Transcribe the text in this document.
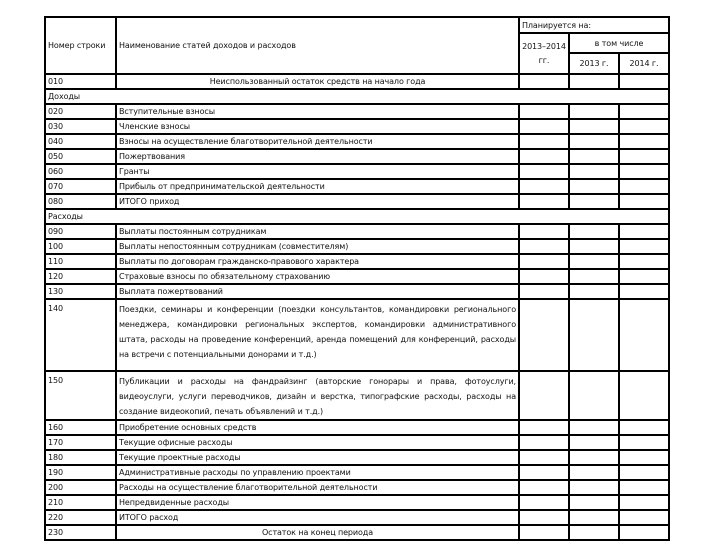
Номер строки	Наименование статей доходов и расходов	Планируется на:		
		2013–2014 гг.	в том числе	
			2013 г.	2014 г.
010	Неиспользованный остаток средств на начало года			
Доходы				
020	Вступительные взносы			
030	Членские взносы			
040	Взносы на осуществление благотворительной деятельности			
050	Пожертвования			
060	Гранты			
070	Прибыль от предпринимательской деятельности			
080	ИТОГО приход			
Расходы				
090	Выплаты постоянным сотрудникам			
100	Выплаты непостоянным сотрудникам (совместителям)			
110	Выплаты по договорам гражданско-правового характера			
120	Страховые взносы по обязательному страхованию			
130	Выплата пожертвований			
140	Поездки, семинары и конференции (поездки консультантов, командировки регионального менеджера, командировки региональных экспертов, командировки административного штата, расходы на проведение конференций, аренда помещений для конференций, расходы на встречи с потенциальными донорами и т.д.)			
150	Публикации и расходы на фандрайзинг (авторские гонорары и права, фотоуслуги, видеоуслуги, услуги переводчиков, дизайн и верстка, типографские расходы, расходы на создание видеокопий, печать объявлений и т.д.)			
160	Приобретение основных средств			
170	Текущие офисные расходы			
180	Текущие проектные расходы			
190	Административные расходы по управлению проектами			
200	Расходы на осуществление благотворительной деятельности			
210	Непредвиденные расходы			
220	ИТОГО расход			
230	Остаток на конец периода			
